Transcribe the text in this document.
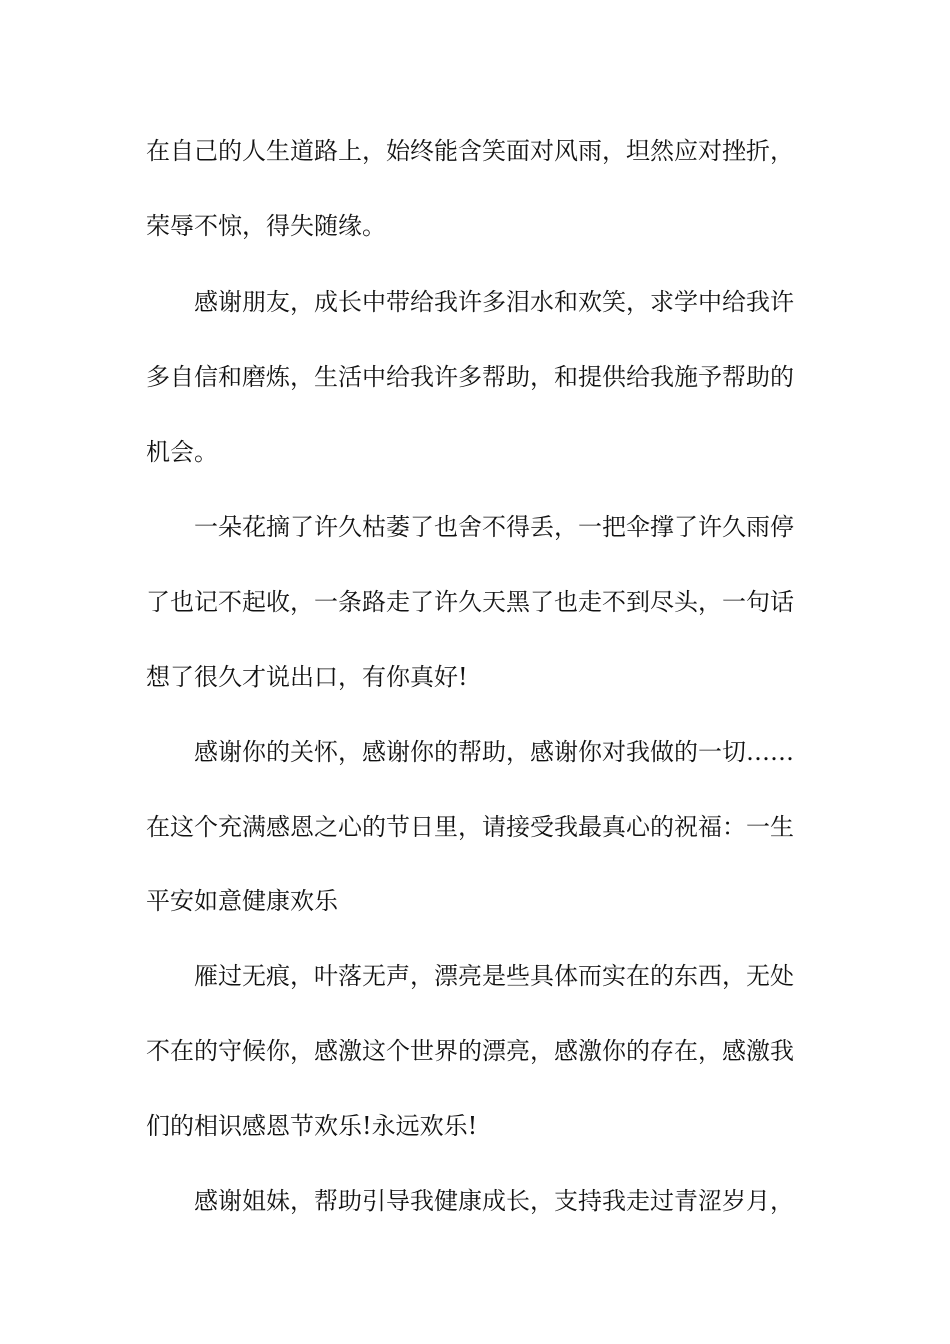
在自己的人生道路上，始终能含笑面对风雨，坦然应对挫折，
荣辱不惊，得失随缘。
感谢朋友，成长中带给我许多泪水和欢笑，求学中给我许
多自信和磨炼，生活中给我许多帮助，和提供给我施予帮助的
机会。
一朵花摘了许久枯萎了也舍不得丢，一把伞撑了许久雨停
了也记不起收，一条路走了许久天黑了也走不到尽头，一句话
想了很久才说出口，有你真好!
感谢你的关怀，感谢你的帮助，感谢你对我做的一切……
在这个充满感恩之心的节日里，请接受我最真心的祝福：一生
平安如意健康欢乐
雁过无痕，叶落无声，漂亮是些具体而实在的东西，无处
不在的守候你，感激这个世界的漂亮，感激你的存在，感激我
们的相识感恩节欢乐!永远欢乐!
感谢姐妹，帮助引导我健康成长，支持我走过青涩岁月，
